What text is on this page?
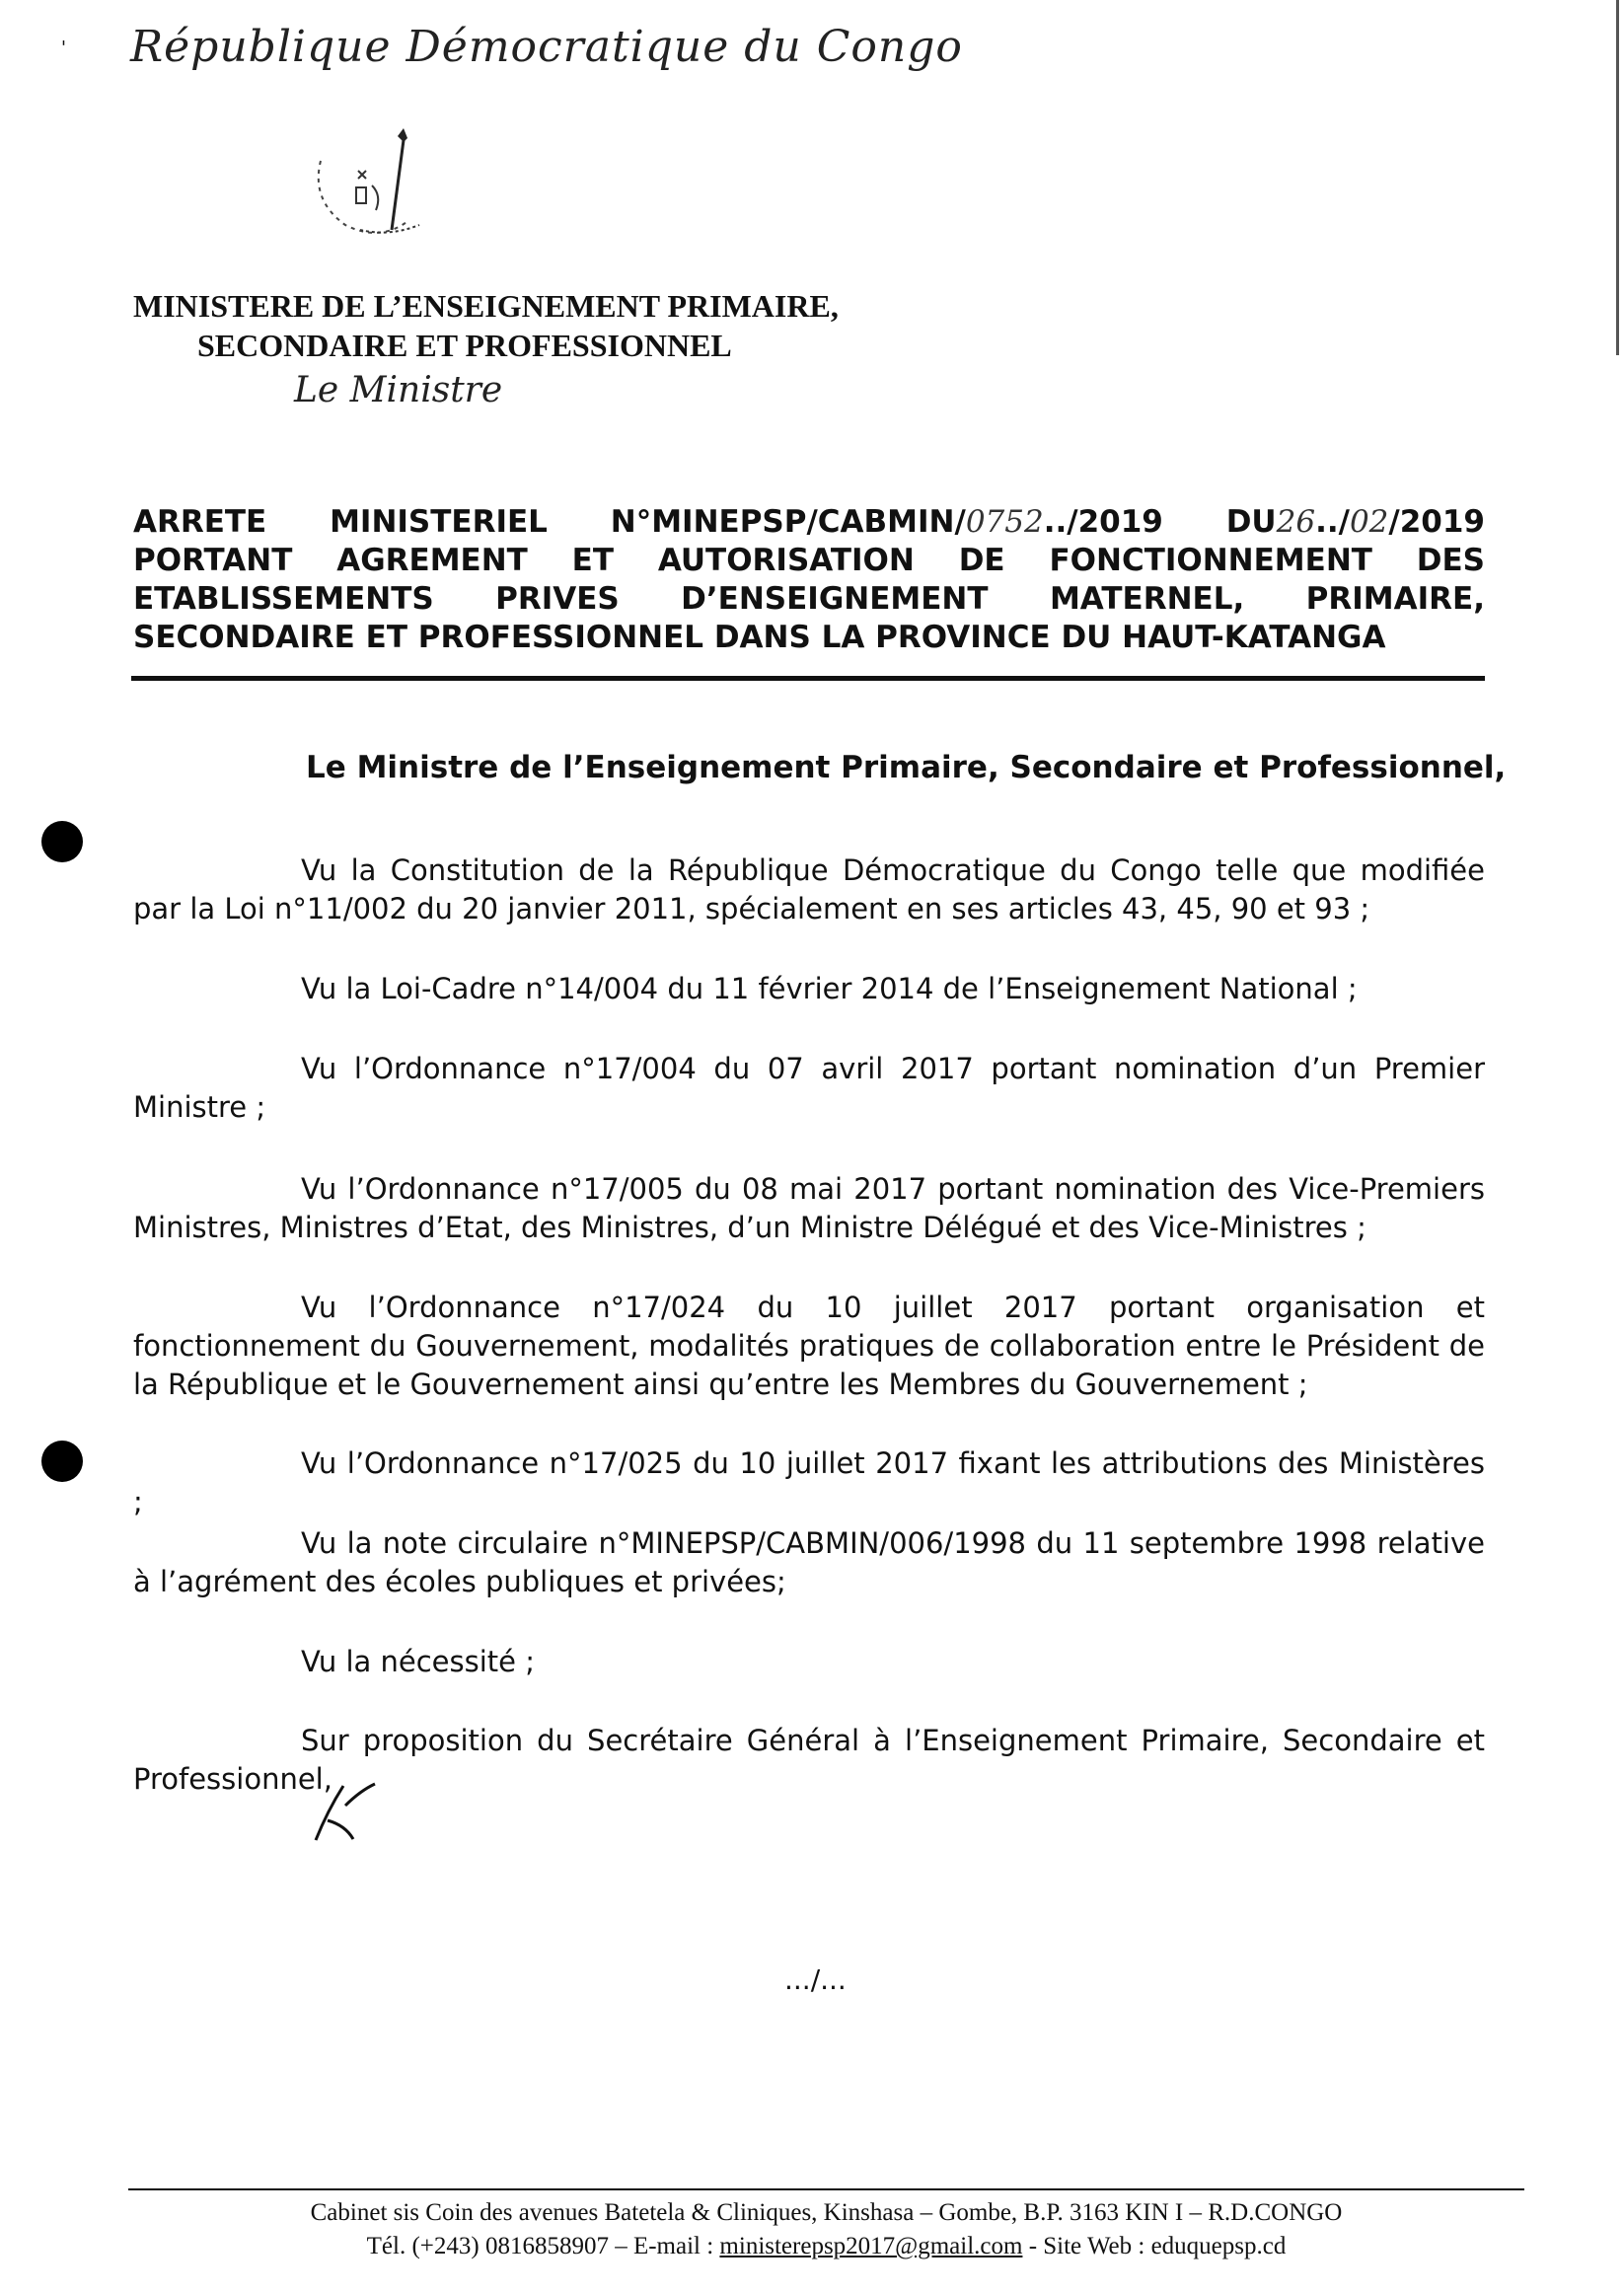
' République Démocratique du Congo
MINISTERE DE L’ENSEIGNEMENT PRIMAIRE,
SECONDAIRE ET PROFESSIONNEL
Le Ministre
ARRETE MINISTERIEL N°MINEPSP/CABMIN/0752../2019 DU26../02/2019
PORTANT AGREMENT ET AUTORISATION DE FONCTIONNEMENT DES
ETABLISSEMENTS PRIVES D’ENSEIGNEMENT MATERNEL, PRIMAIRE,
SECONDAIRE ET PROFESSIONNEL DANS LA PROVINCE DU HAUT-KATANGA
Le Ministre de l’Enseignement Primaire, Secondaire et Professionnel,
Vu la Constitution de la République Démocratique du Congo telle que modifiée par la Loi n°11/002 du 20 janvier 2011, spécialement en ses articles 43, 45, 90 et 93 ;
Vu la Loi-Cadre n°14/004 du 11 février 2014 de l’Enseignement National ;
Vu l’Ordonnance n°17/004 du 07 avril 2017 portant nomination d’un Premier Ministre ;
Vu l’Ordonnance n°17/005 du 08 mai 2017 portant nomination des Vice-Premiers Ministres, Ministres d’Etat, des Ministres, d’un Ministre Délégué et des Vice-Ministres ;
Vu l’Ordonnance n°17/024 du 10 juillet 2017 portant organisation et fonctionnement du Gouvernement, modalités pratiques de collaboration entre le Président de la République et le Gouvernement ainsi qu’entre les Membres du Gouvernement ;
Vu l’Ordonnance n°17/025 du 10 juillet 2017 fixant les attributions des Ministères ;
Vu la note circulaire n°MINEPSP/CABMIN/006/1998 du 11 septembre 1998 relative à l’agrément des écoles publiques et privées;
Vu la nécessité ;
Sur proposition du Secrétaire Général à l’Enseignement Primaire, Secondaire et Professionnel,
.../...
Cabinet sis Coin des avenues Batetela & Cliniques, Kinshasa – Gombe, B.P. 3163 KIN I – R.D.CONGO
Tél. (+243) 0816858907 – E-mail : ministerepsp2017@gmail.com - Site Web : eduquepsp.cd
